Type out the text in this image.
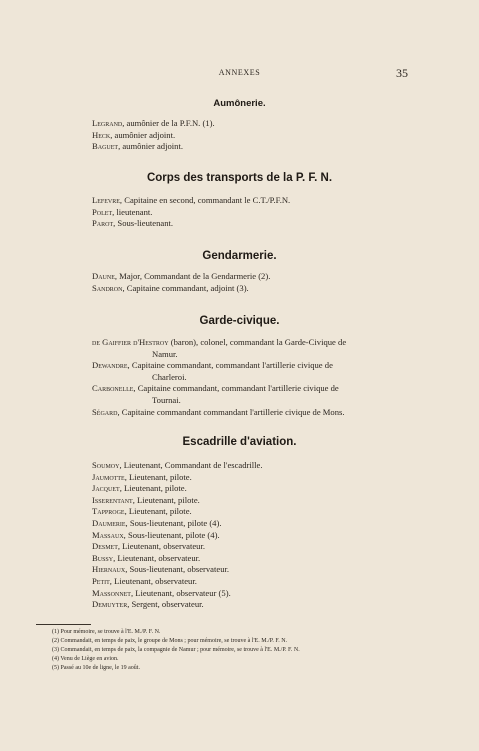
ANNEXES	35
Aumônerie.
Legrand, aumônier de la P.F.N. (1).
Heck, aumônier adjoint.
Baguet, aumônier adjoint.
Corps des transports de la P. F. N.
Lefevre, Capitaine en second, commandant le C.T./P.F.N.
Polet, lieutenant.
Parot, Sous-lieutenant.
Gendarmerie.
Daune, Major, Commandant de la Gendarmerie (2).
Sandron, Capitaine commandant, adjoint (3).
Garde-civique.
de Gaiffier d'Hestroy (baron), colonel, commandant la Garde-Civique de
Namur.
Dewandre, Capitaine commandant, commandant l'artillerie civique de
Charleroi.
Carbonelle, Capitaine commandant, commandant l'artillerie civique de
Tournai.
Ségard, Capitaine commandant commandant l'artillerie civique de Mons.
Escadrille d'aviation.
Soumoy, Lieutenant, Commandant de l'escadrille.
Jaumotte, Lieutenant, pilote.
Jacquet, Lieutenant, pilote.
Isserentant, Lieutenant, pilote.
Tapproge, Lieutenant, pilote.
Daumerie, Sous-lieutenant, pilote (4).
Massaux, Sous-lieutenant, pilote (4).
Desmet, Lieutenant, observateur.
Bussy, Lieutenant, observateur.
Hiernaux, Sous-lieutenant, observateur.
Petit, Lieutenant, observateur.
Massonnet, Lieutenant, observateur (5).
Demuyter, Sergent, observateur.
(1) Pour mémoire, se trouve à l'E. M./P. F. N.
(2) Commandait, en temps de paix, le groupe de Mons ; pour mémoire, se trouve à l'E. M./P. F. N.
(3) Commandait, en temps de paix, la compagnie de Namur ; pour mémoire, se trouve à l'E. M./P. F. N.
(4) Venu de Liège en avion.
(5) Passé au 10e de ligne, le 19 août.
